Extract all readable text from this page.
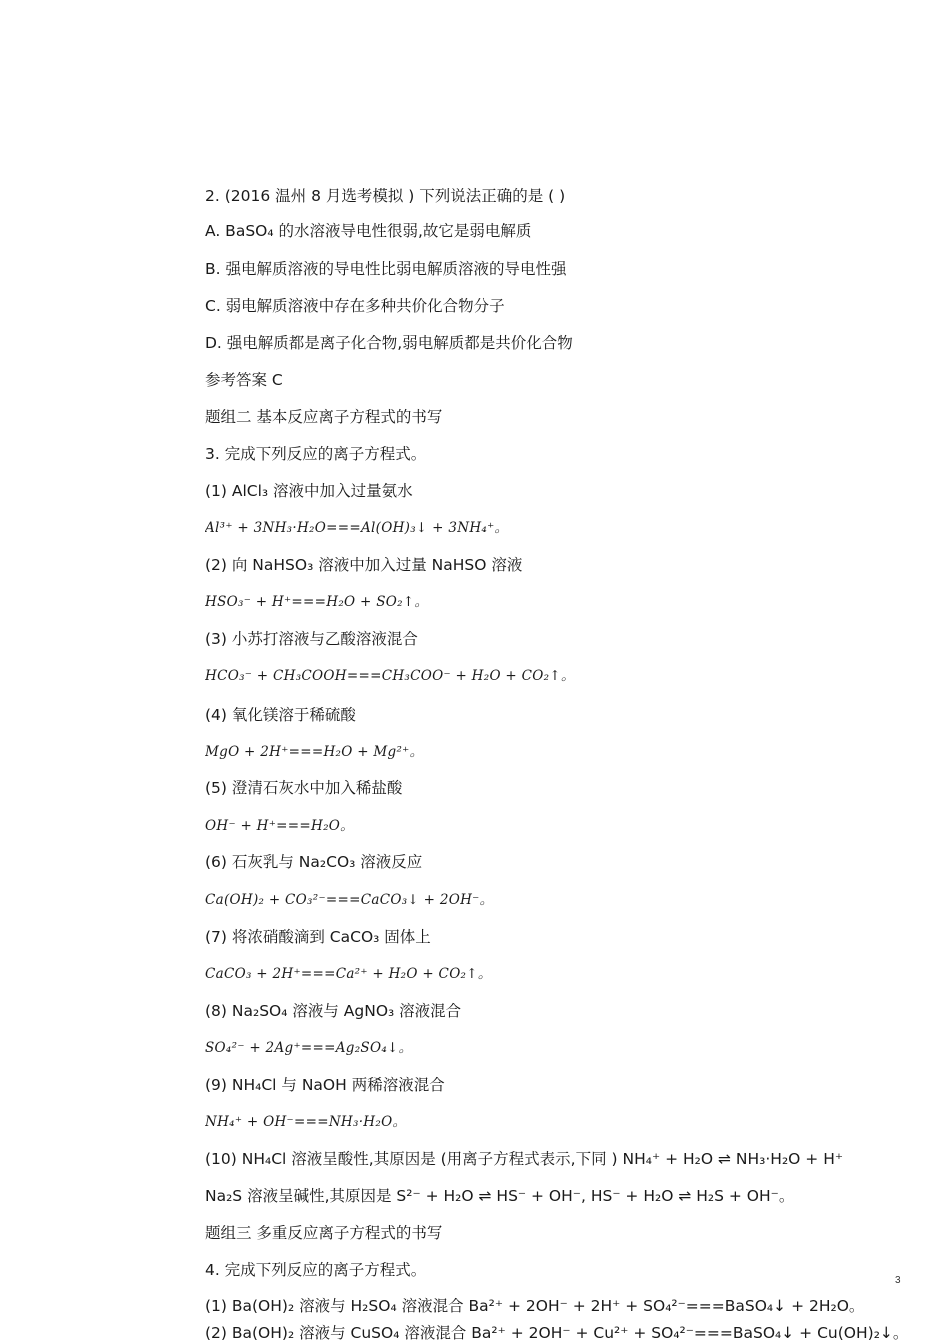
3
2. (2016 温州 8 月选考模拟 ) 下列说法正确的是 ( )
A. BaSO₄ 的水溶液导电性很弱,故它是弱电解质
B. 强电解质溶液的导电性比弱电解质溶液的导电性强
C. 弱电解质溶液中存在多种共价化合物分子
D. 强电解质都是离子化合物,弱电解质都是共价化合物
参考答案 C
题组二 基本反应离子方程式的书写
3. 完成下列反应的离子方程式。
(1) AlCl₃ 溶液中加入过量氨水
Al³⁺ + 3NH₃·H₂O===Al(OH)₃↓ + 3NH₄⁺。
(2) 向 NaHSO₃ 溶液中加入过量 NaHSO 溶液
HSO₃⁻ + H⁺===H₂O + SO₂↑。
(3) 小苏打溶液与乙酸溶液混合
HCO₃⁻ + CH₃COOH===CH₃COO⁻ + H₂O + CO₂↑。
(4) 氧化镁溶于稀硫酸
MgO + 2H⁺===H₂O + Mg²⁺。
(5) 澄清石灰水中加入稀盐酸
OH⁻ + H⁺===H₂O。
(6) 石灰乳与 Na₂CO₃ 溶液反应
Ca(OH)₂ + CO₃²⁻===CaCO₃↓ + 2OH⁻。
(7) 将浓硝酸滴到 CaCO₃ 固体上
CaCO₃ + 2H⁺===Ca²⁺ + H₂O + CO₂↑。
(8) Na₂SO₄ 溶液与 AgNO₃ 溶液混合
SO₄²⁻ + 2Ag⁺===Ag₂SO₄↓。
(9) NH₄Cl 与 NaOH 两稀溶液混合
NH₄⁺ + OH⁻===NH₃·H₂O。
(10) NH₄Cl 溶液呈酸性,其原因是 (用离子方程式表示,下同 ) NH₄⁺ + H₂O ⇌ NH₃·H₂O + H⁺
Na₂S 溶液呈碱性,其原因是 S²⁻ + H₂O ⇌ HS⁻ + OH⁻, HS⁻ + H₂O ⇌ H₂S + OH⁻。
题组三 多重反应离子方程式的书写
4. 完成下列反应的离子方程式。
(1) Ba(OH)₂ 溶液与 H₂SO₄ 溶液混合 Ba²⁺ + 2OH⁻ + 2H⁺ + SO₄²⁻===BaSO₄↓ + 2H₂O。
(2) Ba(OH)₂ 溶液与 CuSO₄ 溶液混合 Ba²⁺ + 2OH⁻ + Cu²⁺ + SO₄²⁻===BaSO₄↓ + Cu(OH)₂↓。
